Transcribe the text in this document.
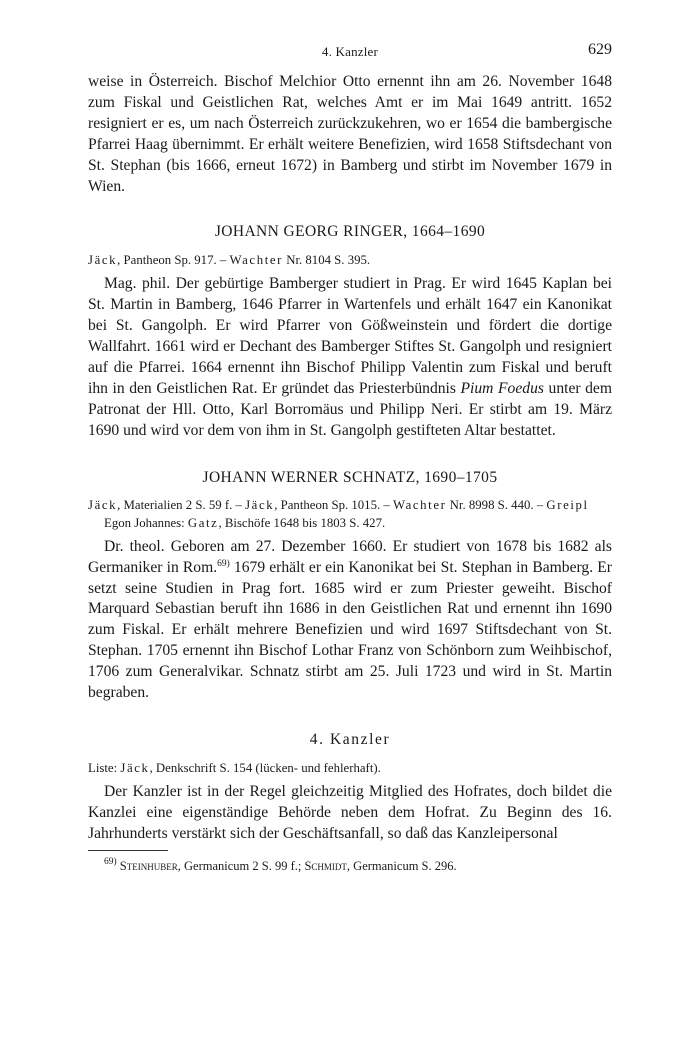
4. Kanzler	629

weise in Österreich. Bischof Melchior Otto ernennt ihn am 26. November 1648 zum Fiskal und Geistlichen Rat, welches Amt er im Mai 1649 antritt. 1652 resigniert er es, um nach Österreich zurückzukehren, wo er 1654 die bambergische Pfarrei Haag übernimmt. Er erhält weitere Benefizien, wird 1658 Stiftsdechant von St. Stephan (bis 1666, erneut 1672) in Bamberg und stirbt im November 1679 in Wien.

JOHANN GEORG RINGER, 1664–1690

Jäck, Pantheon Sp. 917. – Wachter Nr. 8104 S. 395.

Mag. phil. Der gebürtige Bamberger studiert in Prag. Er wird 1645 Kaplan bei St. Martin in Bamberg, 1646 Pfarrer in Wartenfels und erhält 1647 ein Kanonikat bei St. Gangolph. Er wird Pfarrer von Gößweinstein und fördert die dortige Wallfahrt. 1661 wird er Dechant des Bamberger Stiftes St. Gangolph und resigniert auf die Pfarrei. 1664 ernennt ihn Bischof Philipp Valentin zum Fiskal und beruft ihn in den Geistlichen Rat. Er gründet das Priesterbündnis Pium Foedus unter dem Patronat der Hll. Otto, Karl Borromäus und Philipp Neri. Er stirbt am 19. März 1690 und wird vor dem von ihm in St. Gangolph gestifteten Altar bestattet.

JOHANN WERNER SCHNATZ, 1690–1705

Jäck, Materialien 2 S. 59 f. – Jäck, Pantheon Sp. 1015. – Wachter Nr. 8998 S. 440. – Greipl Egon Johannes: Gatz, Bischöfe 1648 bis 1803 S. 427.

Dr. theol. Geboren am 27. Dezember 1660. Er studiert von 1678 bis 1682 als Germaniker in Rom.$^{69)}$ 1679 erhält er ein Kanonikat bei St. Stephan in Bamberg. Er setzt seine Studien in Prag fort. 1685 wird er zum Priester geweiht. Bischof Marquard Sebastian beruft ihn 1686 in den Geistlichen Rat und ernennt ihn 1690 zum Fiskal. Er erhält mehrere Benefizien und wird 1697 Stiftsdechant von St. Stephan. 1705 ernennt ihn Bischof Lothar Franz von Schönborn zum Weihbischof, 1706 zum Generalvikar. Schnatz stirbt am 25. Juli 1723 und wird in St. Martin begraben.

4. Kanzler

Liste: Jäck, Denkschrift S. 154 (lücken- und fehlerhaft).

Der Kanzler ist in der Regel gleichzeitig Mitglied des Hofrates, doch bildet die Kanzlei eine eigenständige Behörde neben dem Hofrat. Zu Beginn des 16. Jahrhunderts verstärkt sich der Geschäftsanfall, so daß das Kanzleipersonal

$^{69)}$ Steinhuber, Germanicum 2 S. 99 f.; Schmidt, Germanicum S. 296.
